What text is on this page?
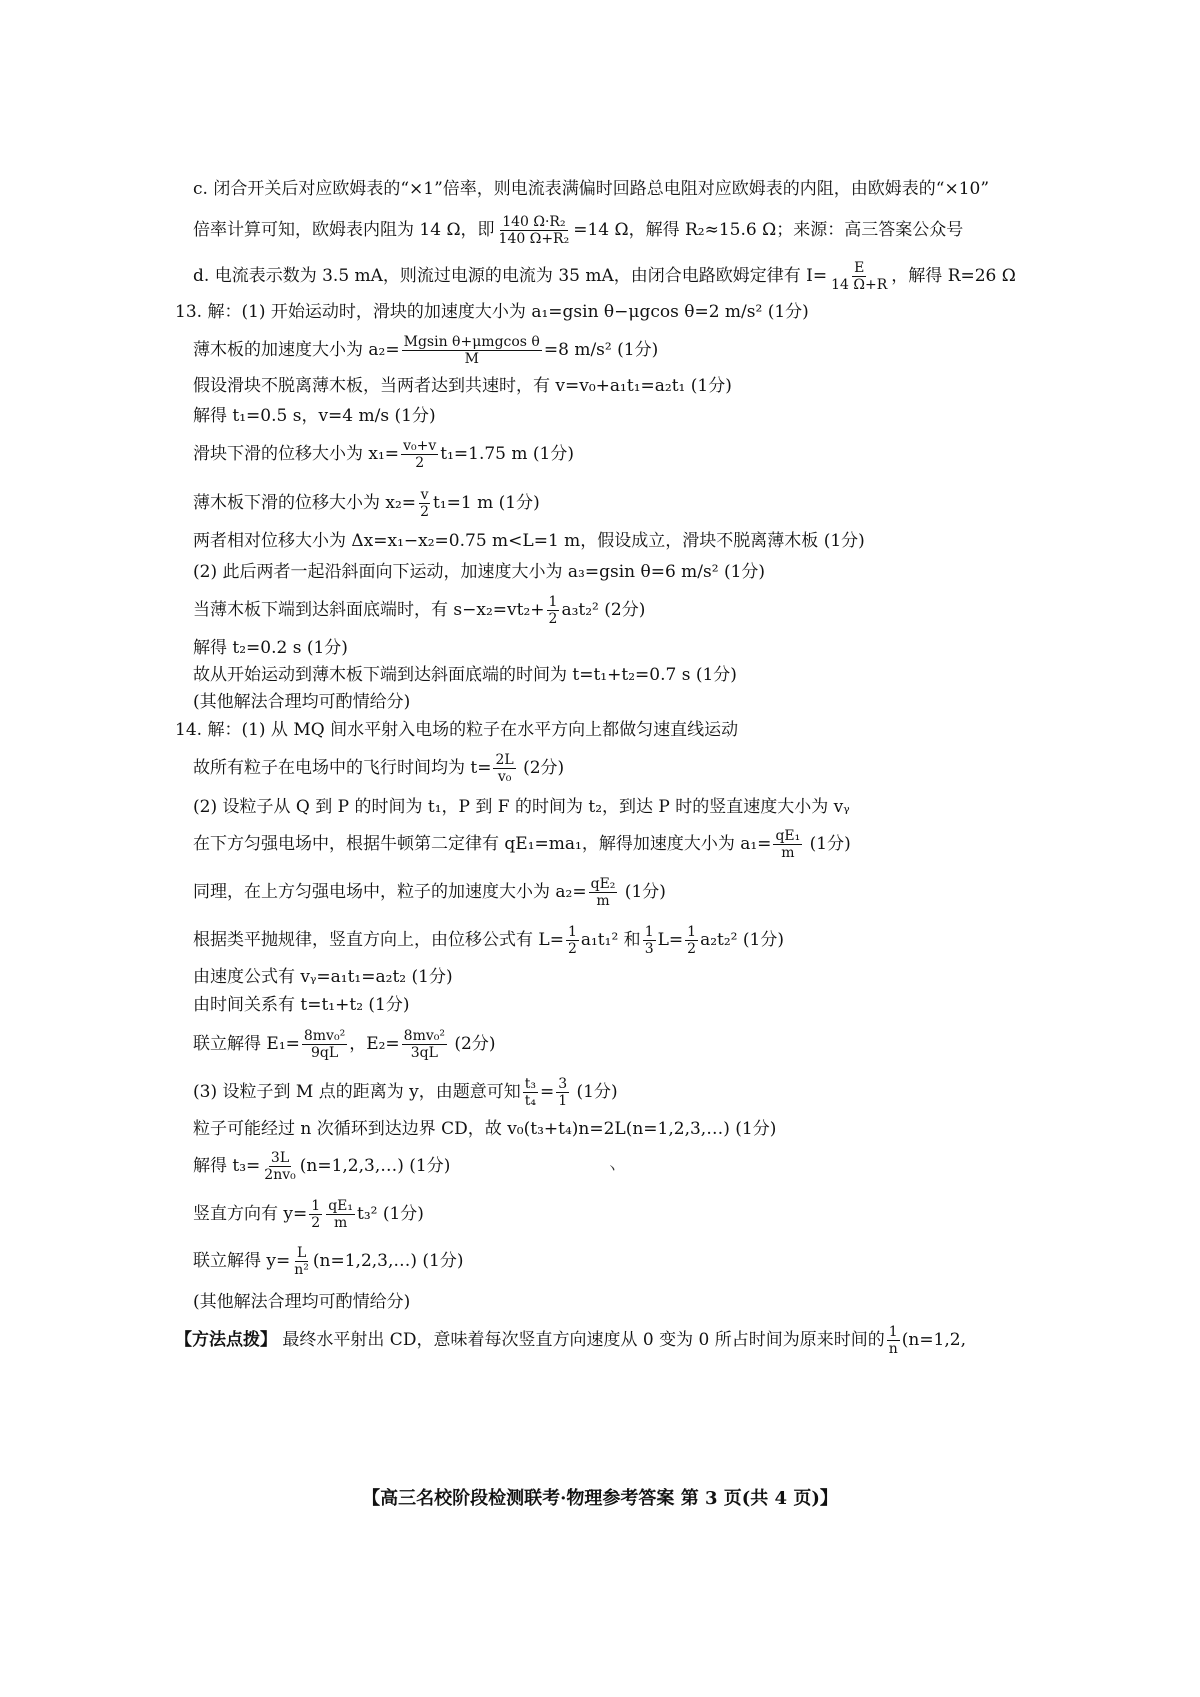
c. 闭合开关后对应欧姆表的“×1”倍率，则电流表满偏时回路总电阻对应欧姆表的内阻，由欧姆表的“×10”
倍率计算可知，欧姆表内阻为 14 Ω，即 $\frac{\text{140 Ω·R₂}}{\text{140 Ω+R₂}} =14$ Ω，解得 R₂≈15.6 Ω；来源：高三答案公众号
d. 电流表示数为 3.5 mA，则流过电源的电流为 35 mA，由闭合电路欧姆定律有 $I= \frac{E}{14 \Omega+R}$ ，解得 R=26 Ω
13. 解：(1) 开始运动时，滑块的加速度大小为 a₁=gsin θ−μgcos θ=2 m/s² (1分)
薄木板的加速度大小为 $a_2= \frac{\text{Mgsin θ+μmgcos θ}}{M} =8$ m/s² (1分)
假设滑块不脱离薄木板，当两者达到共速时，有 v=v₀+a₁t₁=a₂t₁ (1分)
解得 t₁=0.5 s，v=4 m/s (1分)
滑块下滑的位移大小为 $x_1= \frac{\text{v₀+v}}{2} t_1=1.75$ m (1分)
薄木板下滑的位移大小为 $x_2= \frac{v}{2} t_1=1$ m (1分)
两者相对位移大小为 Δx=x₁−x₂=0.75 m<L=1 m，假设成立，滑块不脱离薄木板 (1分)
(2) 此后两者一起沿斜面向下运动，加速度大小为 a₃=gsin θ=6 m/s² (1分)
当薄木板下端到达斜面底端时，有 $s-x_2=vt_2+ \frac{1}{2} a_3t_2^2$ (2分)
解得 t₂=0.2 s (1分)
故从开始运动到薄木板下端到达斜面底端的时间为 t=t₁+t₂=0.7 s (1分)
(其他解法合理均可酌情给分)
14. 解：(1) 从 MQ 间水平射入电场的粒子在水平方向上都做匀速直线运动
故所有粒子在电场中的飞行时间均为 $t= \frac{2L}{\text{v₀}} (2$分)
(2) 设粒子从 Q 到 P 的时间为 t₁，P 到 F 的时间为 t₂，到达 P 时的竖直速度大小为 vᵧ
在下方匀强电场中，根据牛顿第二定律有 qE₁=ma₁，解得加速度大小为 $a_1= \frac{\text{qE₁}}{m} (1$分)
同理，在上方匀强电场中，粒子的加速度大小为 $a_2= \frac{\text{qE₂}}{m} (1$分)
根据类平抛规律，竖直方向上，由位移公式有 $L= \frac{1}{2} a_1t_1^2$ 和 $\frac{1}{3} L= \frac{1}{2} a_2t_2^2$ (1分)
由速度公式有 vᵧ=a₁t₁=a₂t₂ (1分)
由时间关系有 t=t₁+t₂ (1分)
联立解得 $E_1= \frac{\text{8mv₀²}}{9qL}$ ，$E_2= \frac{\text{8mv₀²}}{3qL} (2$分)
(3) 设粒子到 M 点的距离为 y，由题意可知 $\frac{\text{t₃}}{\text{t₄}} = \frac{3}{1} (1$分)
粒子可能经过 n 次循环到达边界 CD，故 v₀(t₃+t₄)n=2L(n=1,2,3,…) (1分)
解得 $t_3= \frac{3L}{\text{2nv₀}}$ (n=1,2,3,…) (1分)	ヽ
竖直方向有 $y= \frac{1}{2} \frac{\text{qE₁}}{m} t_3^2$ (1分)
联立解得 $y= \frac{L}{\text{n²}}$ (n=1,2,3,…) (1分)
(其他解法合理均可酌情给分)
【方法点拨】 最终水平射出 CD，意味着每次竖直方向速度从 0 变为 0 所占时间为原来时间的 $\frac{1}{n} (n=1,2$,
【高三名校阶段检测联考·物理参考答案 第 3 页(共 4 页)】
